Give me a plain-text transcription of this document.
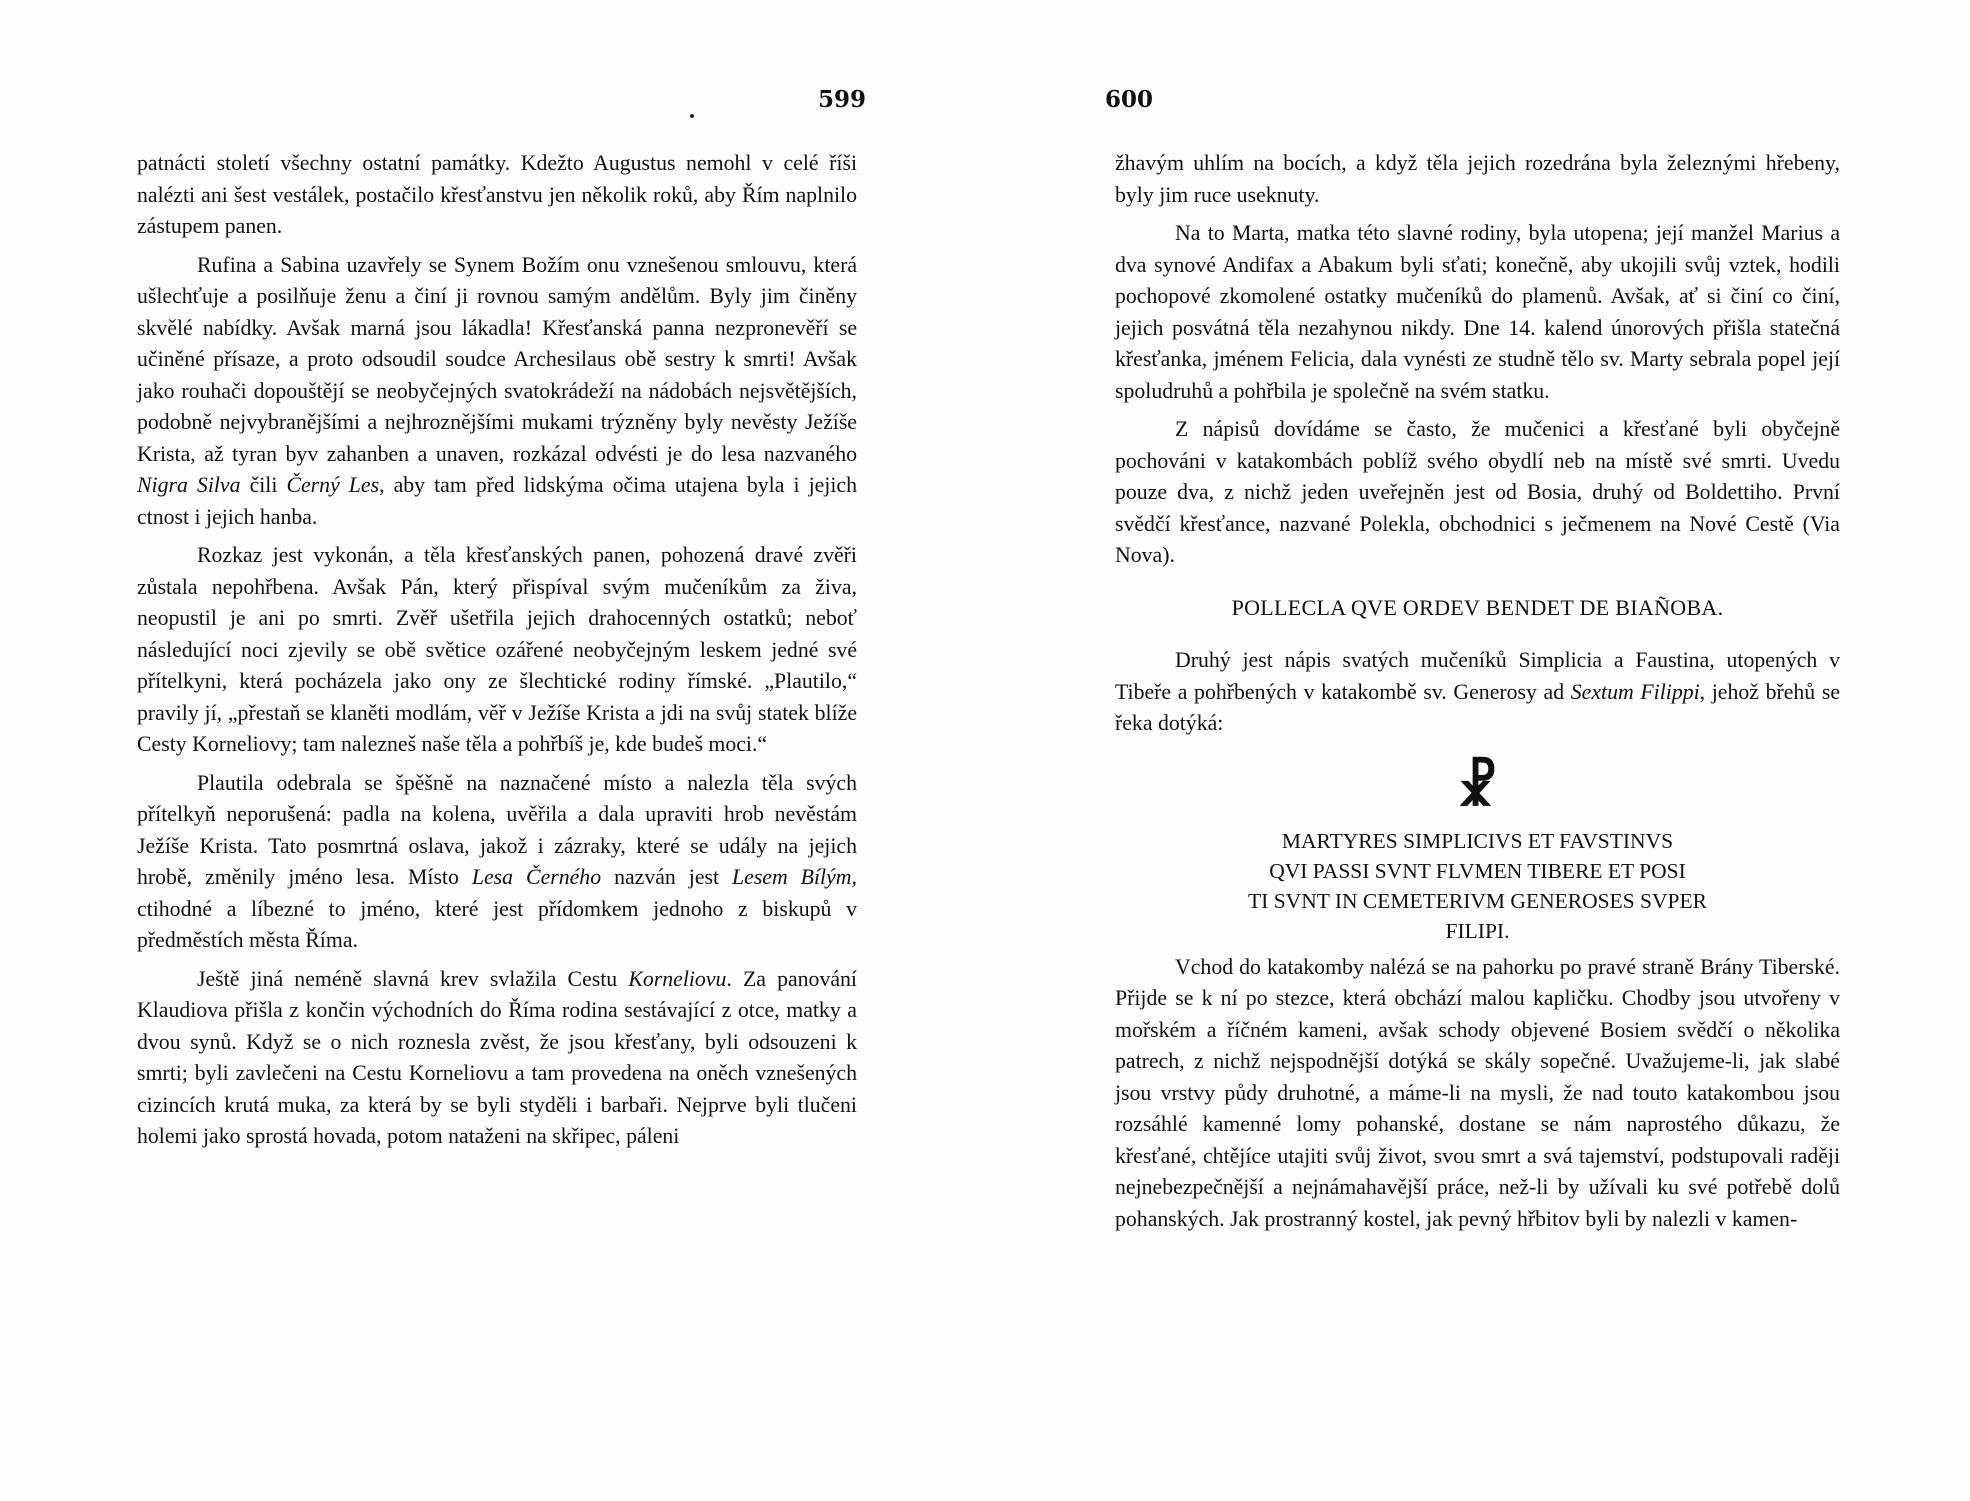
599

patnácti století všechny ostatní památky. Kdežto Augustus nemohl v celé říši nalézti ani šest vestálek, postačilo křesťanstvu jen několik roků, aby Řím naplnilo zástupem panen.

Rufina a Sabina uzavřely se Synem Božím onu vznešenou smlouvu, která ušlechťuje a posilňuje ženu a činí ji rovnou samým andělům. Byly jim činěny skvělé nabídky. Avšak marná jsou lákadla! Křesťanská panna nezpronevěří se učiněné přísaze, a proto odsoudil soudce Archesilaus obě sestry k smrti! Avšak jako rouhači dopouštějí se neobyčejných svatokrádeží na nádobách nejsvětějších, podobně nejvybranějšími a nejhroznějšími mukami trýzněny byly nevěsty Ježíše Krista, až tyran byv zahanben a unaven, rozkázal odvésti je do lesa nazvaného Nigra Silva čili Černý Les, aby tam před lidskýma očima utajena byla i jejich ctnost i jejich hanba.

Rozkaz jest vykonán, a těla křesťanských panen, pohozená dravé zvěři zůstala nepohřbena. Avšak Pán, který přispíval svým mučeníkům za živa, neopustil je ani po smrti. Zvěř ušetřila jejich drahocenných ostatků; neboť následující noci zjevily se obě světice ozářené neobyčejným leskem jedné své přítelkyni, která pocházela jako ony ze šlechtické rodiny římské. „Plautilo,“ pravily jí, „přestaň se klaněti modlám, věř v Ježíše Krista a jdi na svůj statek blíže Cesty Korneliovy; tam nalezneš naše těla a pohřbíš je, kde budeš moci.“

Plautila odebrala se špěšně na naznačené místo a nalezla těla svých přítelkyň neporušená: padla na kolena, uvěřila a dala upraviti hrob nevěstám Ježíše Krista. Tato posmrtná oslava, jakož i zázraky, které se udály na jejich hrobě, změnily jméno lesa. Místo Lesa Černého nazván jest Lesem Bílým, ctihodné a líbezné to jméno, které jest přídomkem jednoho z biskupů v předměstích města Říma.

Ještě jiná neméně slavná krev svlažila Cestu Korneliovu. Za panování Klaudiova přišla z končin východních do Říma rodina sestávající z otce, matky a dvou synů. Když se o nich roznesla zvěst, že jsou křesťany, byli odsouzeni k smrti; byli zavlečeni na Cestu Korneliovu a tam provedena na oněch vznešených cizincích krutá muka, za která by se byli styděli i barbaři. Nejprve byli tlučeni holemi jako sprostá hovada, potom nataženi na skřipec, páleni

600

žhavým uhlím na bocích, a když těla jejich rozedrána byla železnými hřebeny, byly jim ruce useknuty.

Na to Marta, matka této slavné rodiny, byla utopena; její manžel Marius a dva synové Andifax a Abakum byli sťati; konečně, aby ukojili svůj vztek, hodili pochopové zkomolené ostatky mučeníků do plamenů. Avšak, ať si činí co činí, jejich posvátná těla nezahynou nikdy. Dne 14. kalend únorových přišla statečná křesťanka, jménem Felicia, dala vynésti ze studně tělo sv. Marty sebrala popel její spoludruhů a pohřbila je společně na svém statku.

Z nápisů dovídáme se často, že mučenici a křesťané byli obyčejně pochováni v katakombách poblíž svého obydlí neb na místě své smrti. Uvedu pouze dva, z nichž jeden uveřejněn jest od Bosia, druhý od Boldettiho. První svědčí křesťance, nazvané Polekla, obchodnici s ječmenem na Nové Cestě (Via Nova).

POLLECLA QVE ORDEV BENDET DE BIAÑOBA.

Druhý jest nápis svatých mučeníků Simplicia a Faustina, utopených v Tibeře a pohřbených v katakombě sv. Generosy ad Sextum Filippi, jehož břehů se řeka dotýká:

☧

MARTYRES SIMPLICIVS ET FAVSTINVS
QVI PASSI SVNT FLVMEN TIBERE ET POSI
TI SVNT IN CEMETERIVM GENEROSES SVPER
FILIPI.

Vchod do katakomby nalézá se na pahorku po pravé straně Brány Tiberské. Přijde se k ní po stezce, která obchází malou kapličku. Chodby jsou utvořeny v mořském a říčném kameni, avšak schody objevené Bosiem svědčí o několika patrech, z nichž nejspodnější dotýká se skály sopečné. Uvažujeme-li, jak slabé jsou vrstvy půdy druhotné, a máme-li na mysli, že nad touto katakombou jsou rozsáhlé kamenné lomy pohanské, dostane se nám naprostého důkazu, že křesťané, chtějíce utajiti svůj život, svou smrt a svá tajemství, podstupovali raději nejnebezpečnější a nejnámahavější práce, než-li by užívali ku své potřebě dolů pohanských. Jak prostranný kostel, jak pevný hřbitov byli by nalezli v kamen-
